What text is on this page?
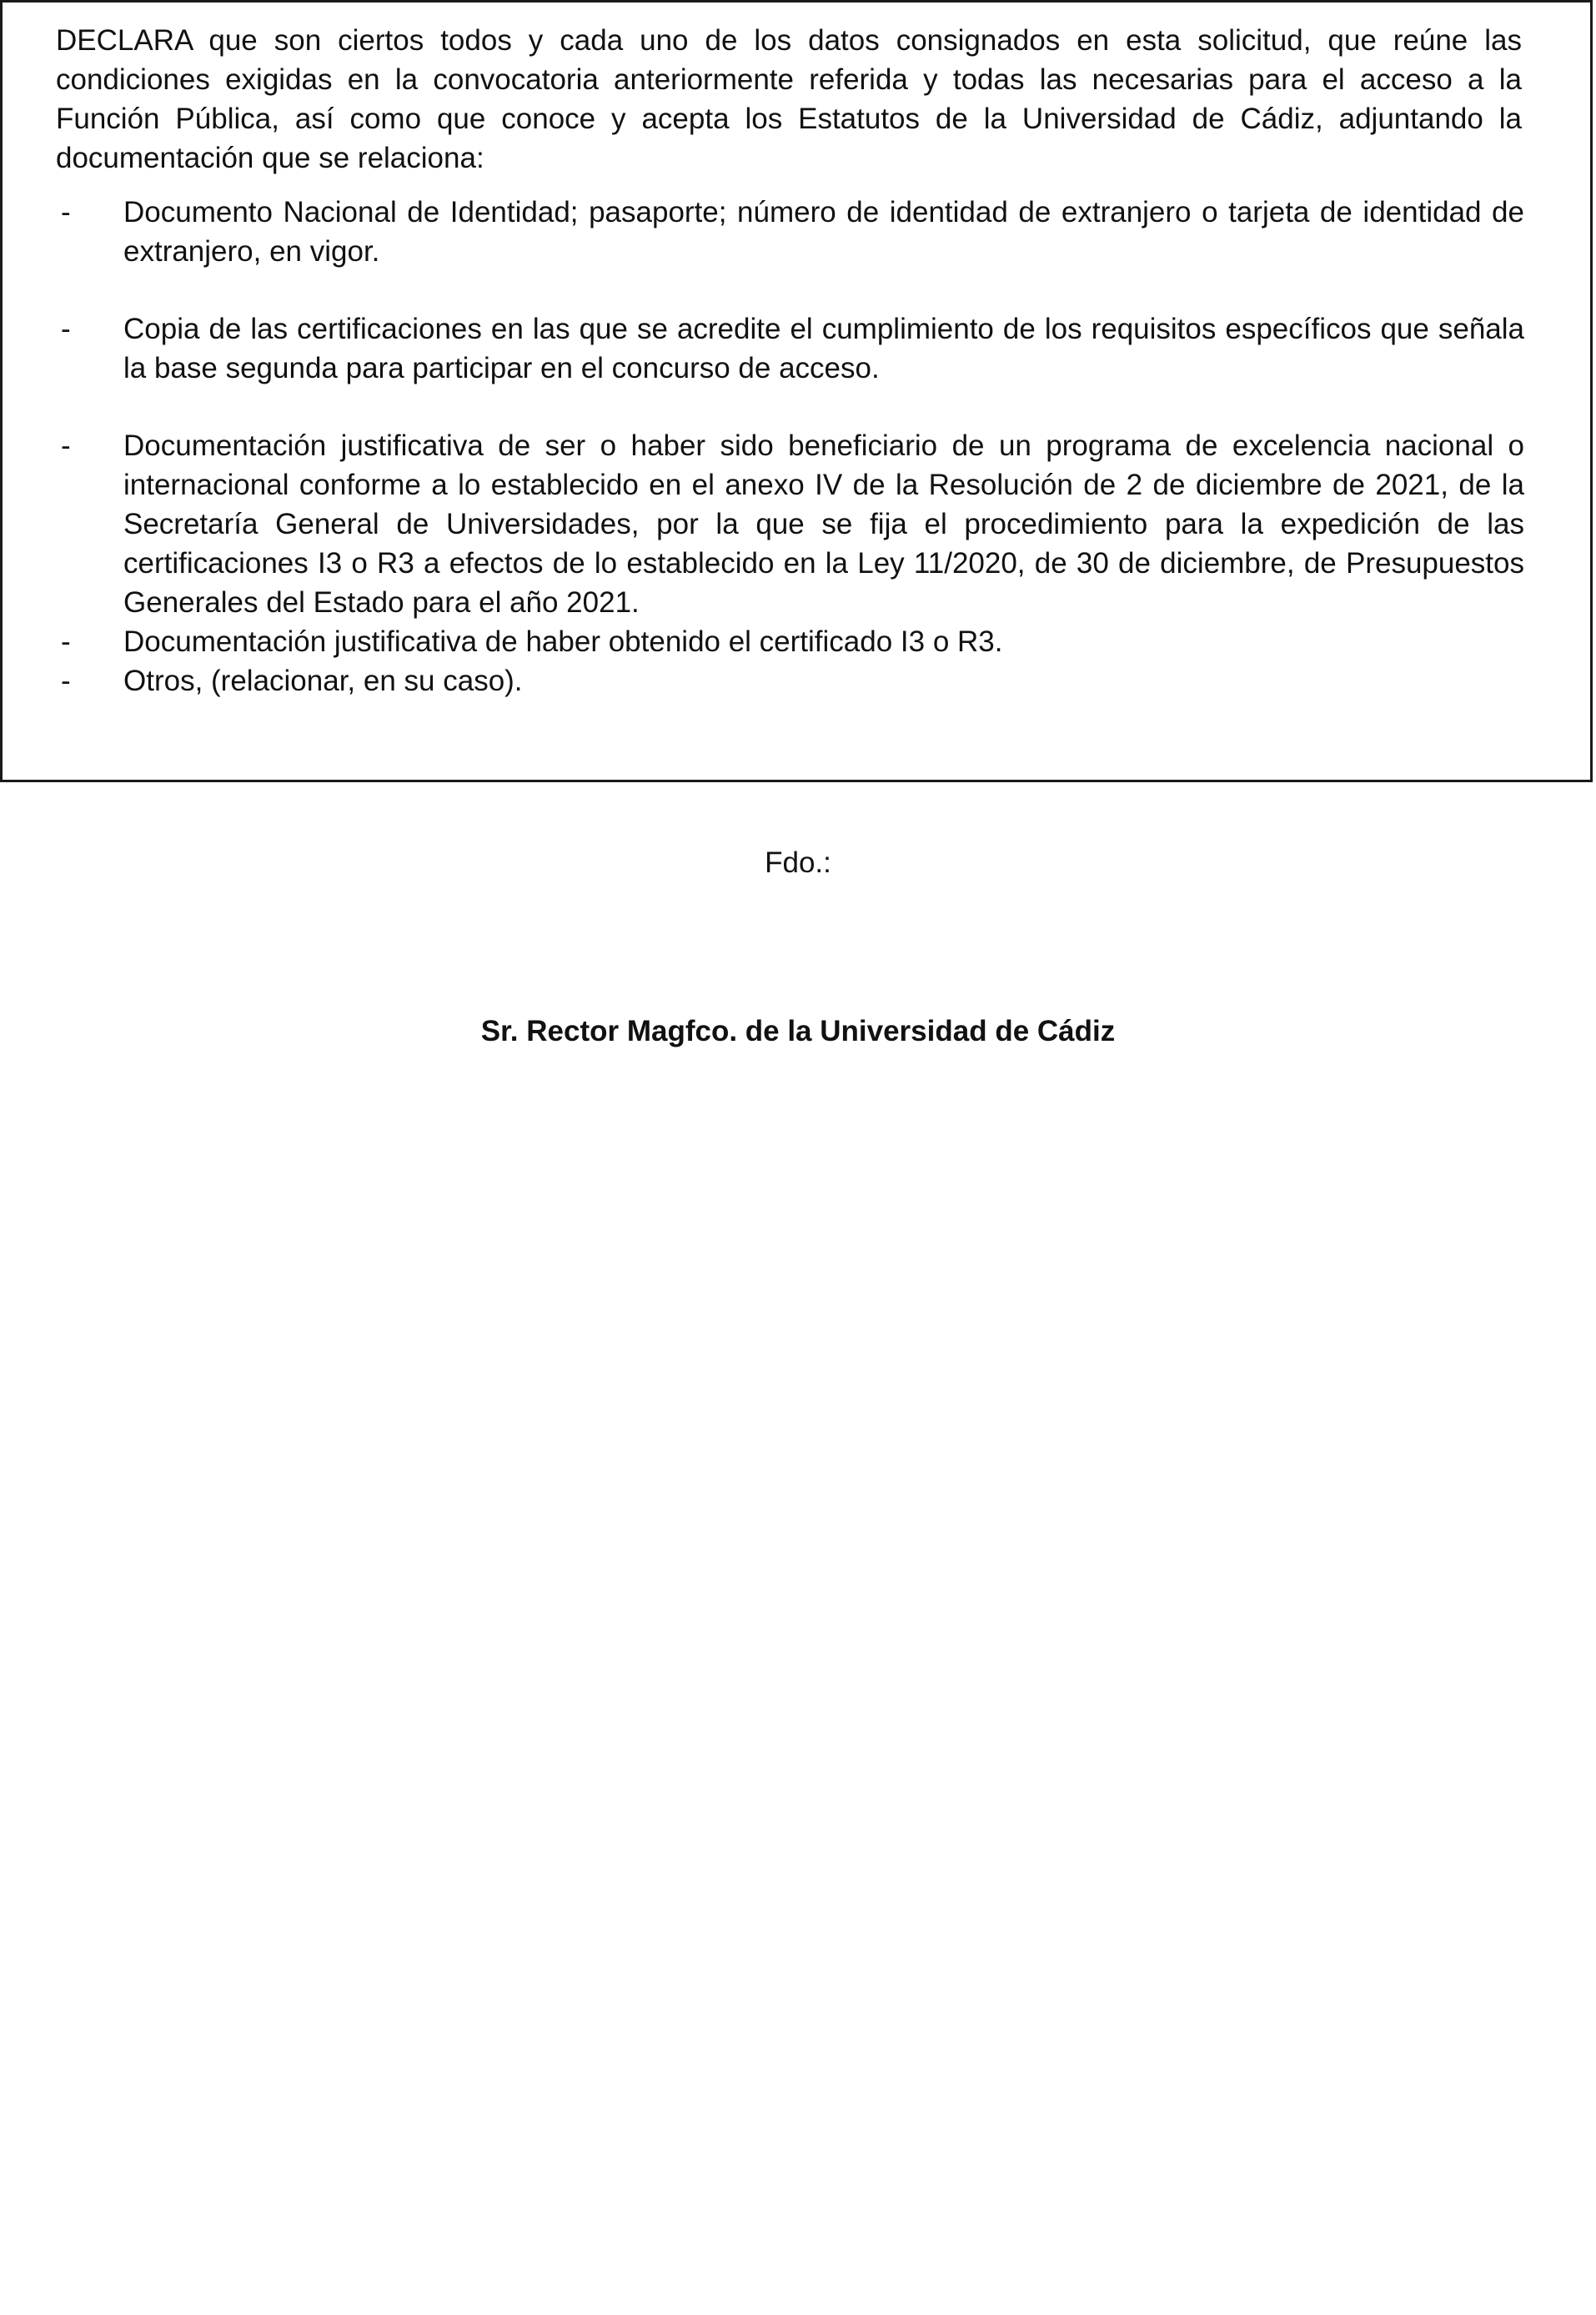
DECLARA que son ciertos todos y cada uno de los datos consignados en esta solicitud, que reúne las condiciones exigidas en la convocatoria anteriormente referida y todas las necesarias para el acceso a la Función Pública, así como que conoce y acepta los Estatutos de la Universidad de Cádiz, adjuntando la documentación que se relaciona:

- Documento Nacional de Identidad; pasaporte; número de identidad de extranjero o tarjeta de identidad de extranjero, en vigor.

- Copia de las certificaciones en las que se acredite el cumplimiento de los requisitos específicos que señala la base segunda para participar en el concurso de acceso.

- Documentación justificativa de ser o haber sido beneficiario de un programa de excelencia nacional o internacional conforme a lo establecido en el anexo IV de la Resolución de 2 de diciembre de 2021, de la Secretaría General de Universidades, por la que se fija el procedimiento para la expedición de las certificaciones I3 o R3 a efectos de lo establecido en la Ley 11/2020, de 30 de diciembre, de Presupuestos Generales del Estado para el año 2021.

- Documentación justificativa de haber obtenido el certificado I3 o R3.

- Otros, (relacionar, en su caso).

Fdo.:
Sr. Rector Magfco. de la Universidad de Cádiz
